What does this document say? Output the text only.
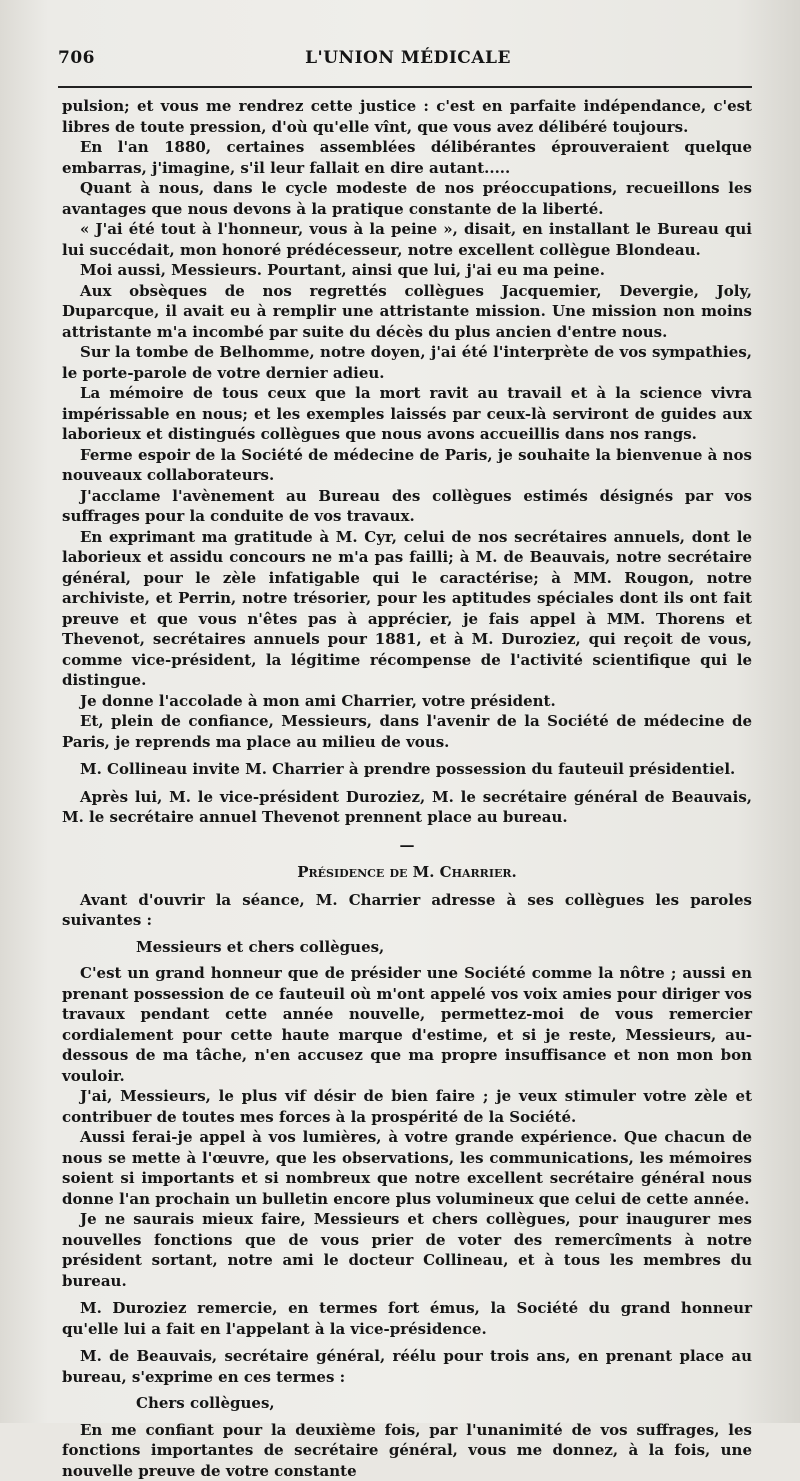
706	L'UNION MÉDICALE

pulsion; et vous me rendrez cette justice : c'est en parfaite indépendance, c'est libres de toute pression, d'où qu'elle vînt, que vous avez délibéré toujours.

En l'an 1880, certaines assemblées délibérantes éprouveraient quelque embarras, j'imagine, s'il leur fallait en dire autant.....

Quant à nous, dans le cycle modeste de nos préoccupations, recueillons les avantages que nous devons à la pratique constante de la liberté.

« J'ai été tout à l'honneur, vous à la peine », disait, en installant le Bureau qui lui succédait, mon honoré prédécesseur, notre excellent collègue Blondeau.

Moi aussi, Messieurs. Pourtant, ainsi que lui, j'ai eu ma peine.

Aux obsèques de nos regrettés collègues Jacquemier, Devergie, Joly, Duparcque, il avait eu à remplir une attristante mission. Une mission non moins attristante m'a incombé par suite du décès du plus ancien d'entre nous.

Sur la tombe de Belhomme, notre doyen, j'ai été l'interprète de vos sympathies, le porte-parole de votre dernier adieu.

La mémoire de tous ceux que la mort ravit au travail et à la science vivra impérissable en nous; et les exemples laissés par ceux-là serviront de guides aux laborieux et distingués collègues que nous avons accueillis dans nos rangs.

Ferme espoir de la Société de médecine de Paris, je souhaite la bienvenue à nos nouveaux collaborateurs.

J'acclame l'avènement au Bureau des collègues estimés désignés par vos suffrages pour la conduite de vos travaux.

En exprimant ma gratitude à M. Cyr, celui de nos secrétaires annuels, dont le laborieux et assidu concours ne m'a pas failli; à M. de Beauvais, notre secrétaire général, pour le zèle infatigable qui le caractérise; à MM. Rougon, notre archiviste, et Perrin, notre trésorier, pour les aptitudes spéciales dont ils ont fait preuve et que vous n'êtes pas à apprécier, je fais appel à MM. Thorens et Thevenot, secrétaires annuels pour 1881, et à M. Duroziez, qui reçoit de vous, comme vice-président, la légitime récompense de l'activité scientifique qui le distingue.

Je donne l'accolade à mon ami Charrier, votre président.

Et, plein de confiance, Messieurs, dans l'avenir de la Société de médecine de Paris, je reprends ma place au milieu de vous.

M. Collineau invite M. Charrier à prendre possession du fauteuil présidentiel.

Après lui, M. le vice-président Duroziez, M. le secrétaire général de Beauvais, M. le secrétaire annuel Thevenot prennent place au bureau.

—

Présidence de M. Charrier.

Avant d'ouvrir la séance, M. Charrier adresse à ses collègues les paroles suivantes :

Messieurs et chers collègues,

C'est un grand honneur que de présider une Société comme la nôtre ; aussi en prenant possession de ce fauteuil où m'ont appelé vos voix amies pour diriger vos travaux pendant cette année nouvelle, permettez-moi de vous remercier cordialement pour cette haute marque d'estime, et si je reste, Messieurs, au-dessous de ma tâche, n'en accusez que ma propre insuffisance et non mon bon vouloir.

J'ai, Messieurs, le plus vif désir de bien faire ; je veux stimuler votre zèle et contribuer de toutes mes forces à la prospérité de la Société.

Aussi ferai-je appel à vos lumières, à votre grande expérience. Que chacun de nous se mette à l'œuvre, que les observations, les communications, les mémoires soient si importants et si nombreux que notre excellent secrétaire général nous donne l'an prochain un bulletin encore plus volumineux que celui de cette année.

Je ne saurais mieux faire, Messieurs et chers collègues, pour inaugurer mes nouvelles fonctions que de vous prier de voter des remercîments à notre président sortant, notre ami le docteur Collineau, et à tous les membres du bureau.

M. Duroziez remercie, en termes fort émus, la Société du grand honneur qu'elle lui a fait en l'appelant à la vice-présidence.

M. de Beauvais, secrétaire général, réélu pour trois ans, en prenant place au bureau, s'exprime en ces termes :

Chers collègues,

En me confiant pour la deuxième fois, par l'unanimité de vos suffrages, les fonctions importantes de secrétaire général, vous me donnez, à la fois, une nouvelle preuve de votre constante
